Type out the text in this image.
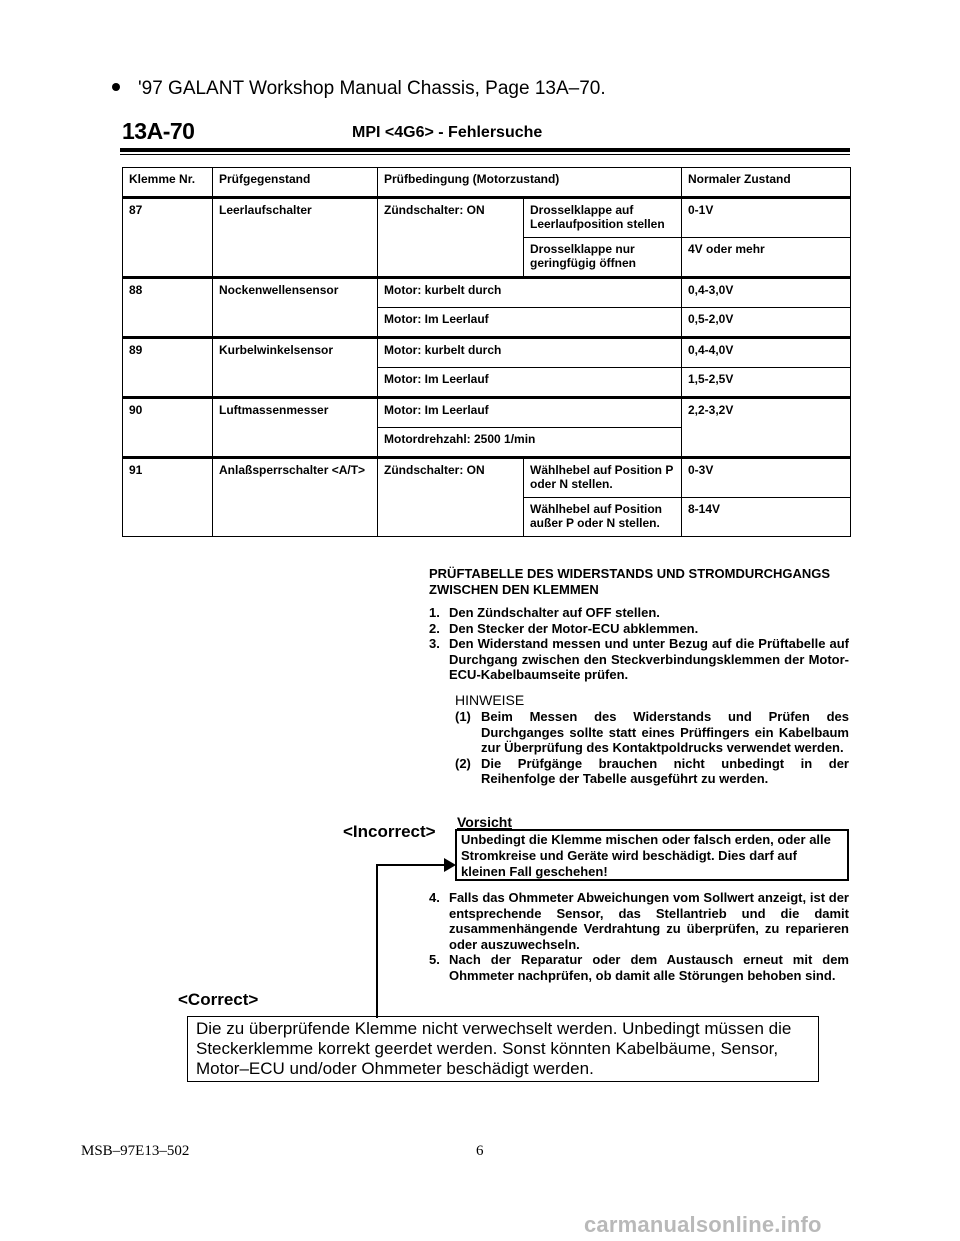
'97 GALANT Workshop Manual Chassis, Page 13A–70.
13A-70	MPI <4G6> - Fehlersuche
Klemme Nr.	Prüfgegenstand	Prüfbedingung (Motorzustand)		Normaler Zustand
87	Leerlaufschalter	Zündschalter: ON	Drosselklappe auf Leerlaufposition stellen	0-1V
			Drosselklappe nur geringfügig öffnen	4V oder mehr
88	Nockenwellensensor	Motor: kurbelt durch		0,4-3,0V
		Motor: Im Leerlauf		0,5-2,0V
89	Kurbelwinkelsensor	Motor: kurbelt durch		0,4-4,0V
		Motor: Im Leerlauf		1,5-2,5V
90	Luftmassenmesser	Motor: Im Leerlauf		2,2-3,2V
		Motordrehzahl: 2500 1/min		
91	Anlaßsperrschalter <A/T>	Zündschalter: ON	Wählhebel auf Position P oder N stellen.	0-3V
			Wählhebel auf Position außer P oder N stellen.	8-14V
PRÜFTABELLE DES WIDERSTANDS UND STROMDURCHGANGS ZWISCHEN DEN KLEMMEN
1. Den Zündschalter auf OFF stellen.
2. Den Stecker der Motor-ECU abklemmen.
3. Den Widerstand messen und unter Bezug auf die Prüftabelle auf Durchgang zwischen den Steckverbindungsklemmen der Motor-ECU-Kabelbaumseite prüfen.
HINWEISE
(1) Beim Messen des Widerstands und Prüfen des Durchganges sollte statt eines Prüffingers ein Kabelbaum zur Überprüfung des Kontaktpoldrucks verwendet werden.
(2) Die Prüfgänge brauchen nicht unbedingt in der Reihenfolge der Tabelle ausgeführt zu werden.
<Incorrect> Vorsicht
Unbedingt die Klemme mischen oder falsch erden, oder alle Stromkreise und Geräte wird beschädigt. Dies darf auf kleinen Fall geschehen!
4. Falls das Ohmmeter Abweichungen vom Sollwert anzeigt, ist der entsprechende Sensor, das Stellantrieb und die damit zusammenhängende Verdrahtung zu überprüfen, zu reparieren oder auszuwechseln.
5. Nach der Reparatur oder dem Austausch erneut mit dem Ohmmeter nachprüfen, ob damit alle Störungen behoben sind.
<Correct>
Die zu überprüfende Klemme nicht verwechselt werden. Unbedingt müssen die Steckerklemme korrekt geerdet werden. Sonst könnten Kabelbäume, Sensor, Motor–ECU und/oder Ohmmeter beschädigt werden.
MSB–97E13–502	6
carmanualsonline.info
